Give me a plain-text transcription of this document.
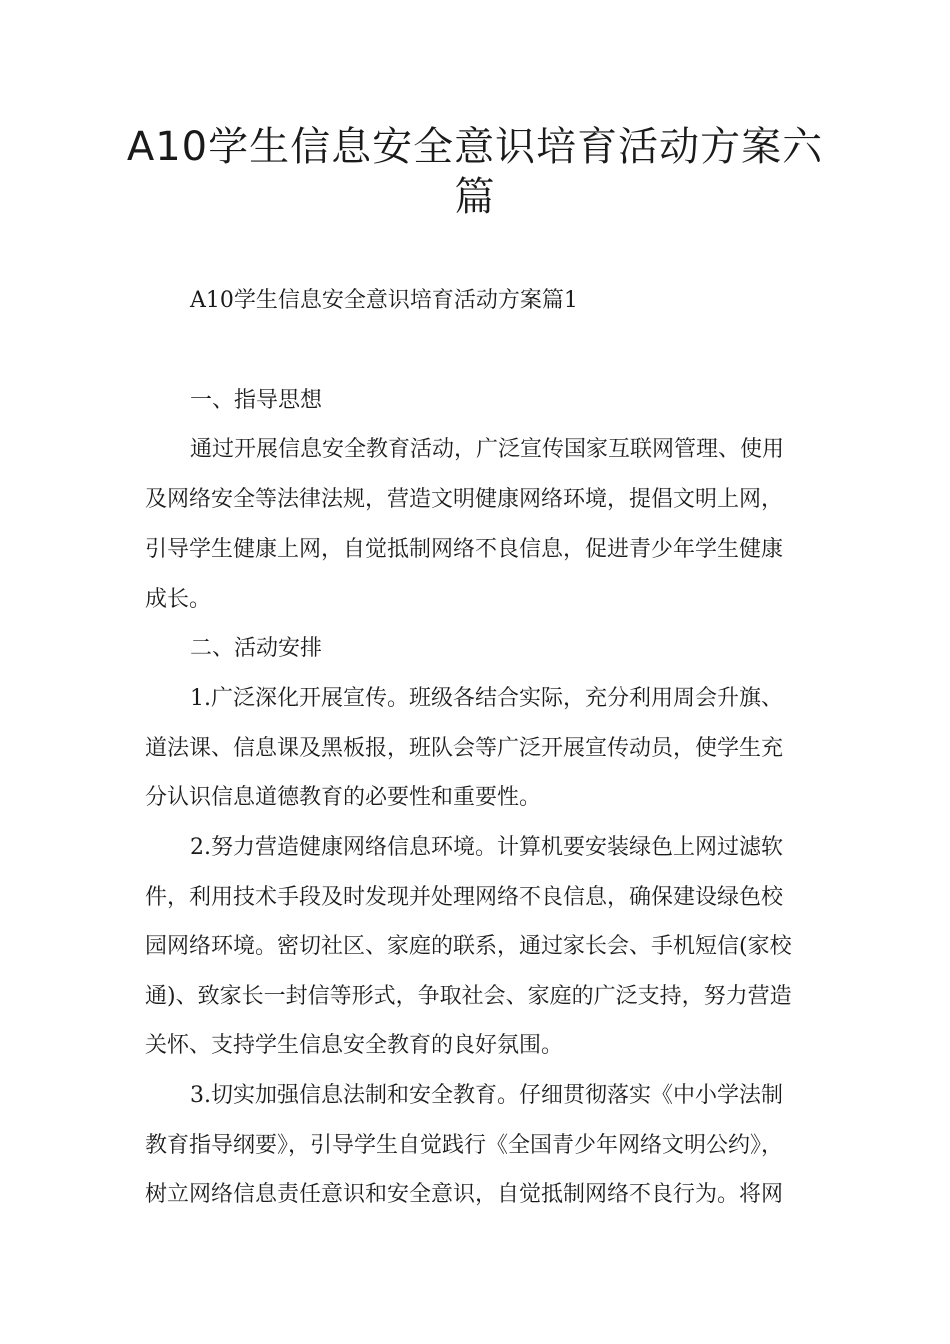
A10学生信息安全意识培育活动方案六
篇
A10学生信息安全意识培育活动方案篇1
一、指导思想
通过开展信息安全教育活动，广泛宣传国家互联网管理、使用
及网络安全等法律法规，营造文明健康网络环境，提倡文明上网，
引导学生健康上网，自觉抵制网络不良信息，促进青少年学生健康
成长。
二、活动安排
1.广泛深化开展宣传。班级各结合实际，充分利用周会升旗、
道法课、信息课及黑板报，班队会等广泛开展宣传动员，使学生充
分认识信息道德教育的必要性和重要性。
2.努力营造健康网络信息环境。计算机要安装绿色上网过滤软
件，利用技术手段及时发现并处理网络不良信息，确保建设绿色校
园网络环境。密切社区、家庭的联系，通过家长会、手机短信(家校
通)、致家长一封信等形式，争取社会、家庭的广泛支持，努力营造
关怀、支持学生信息安全教育的良好氛围。
3.切实加强信息法制和安全教育。仔细贯彻落实《中小学法制
教育指导纲要》，引导学生自觉践行《全国青少年网络文明公约》，
树立网络信息责任意识和安全意识，自觉抵制网络不良行为。将网
